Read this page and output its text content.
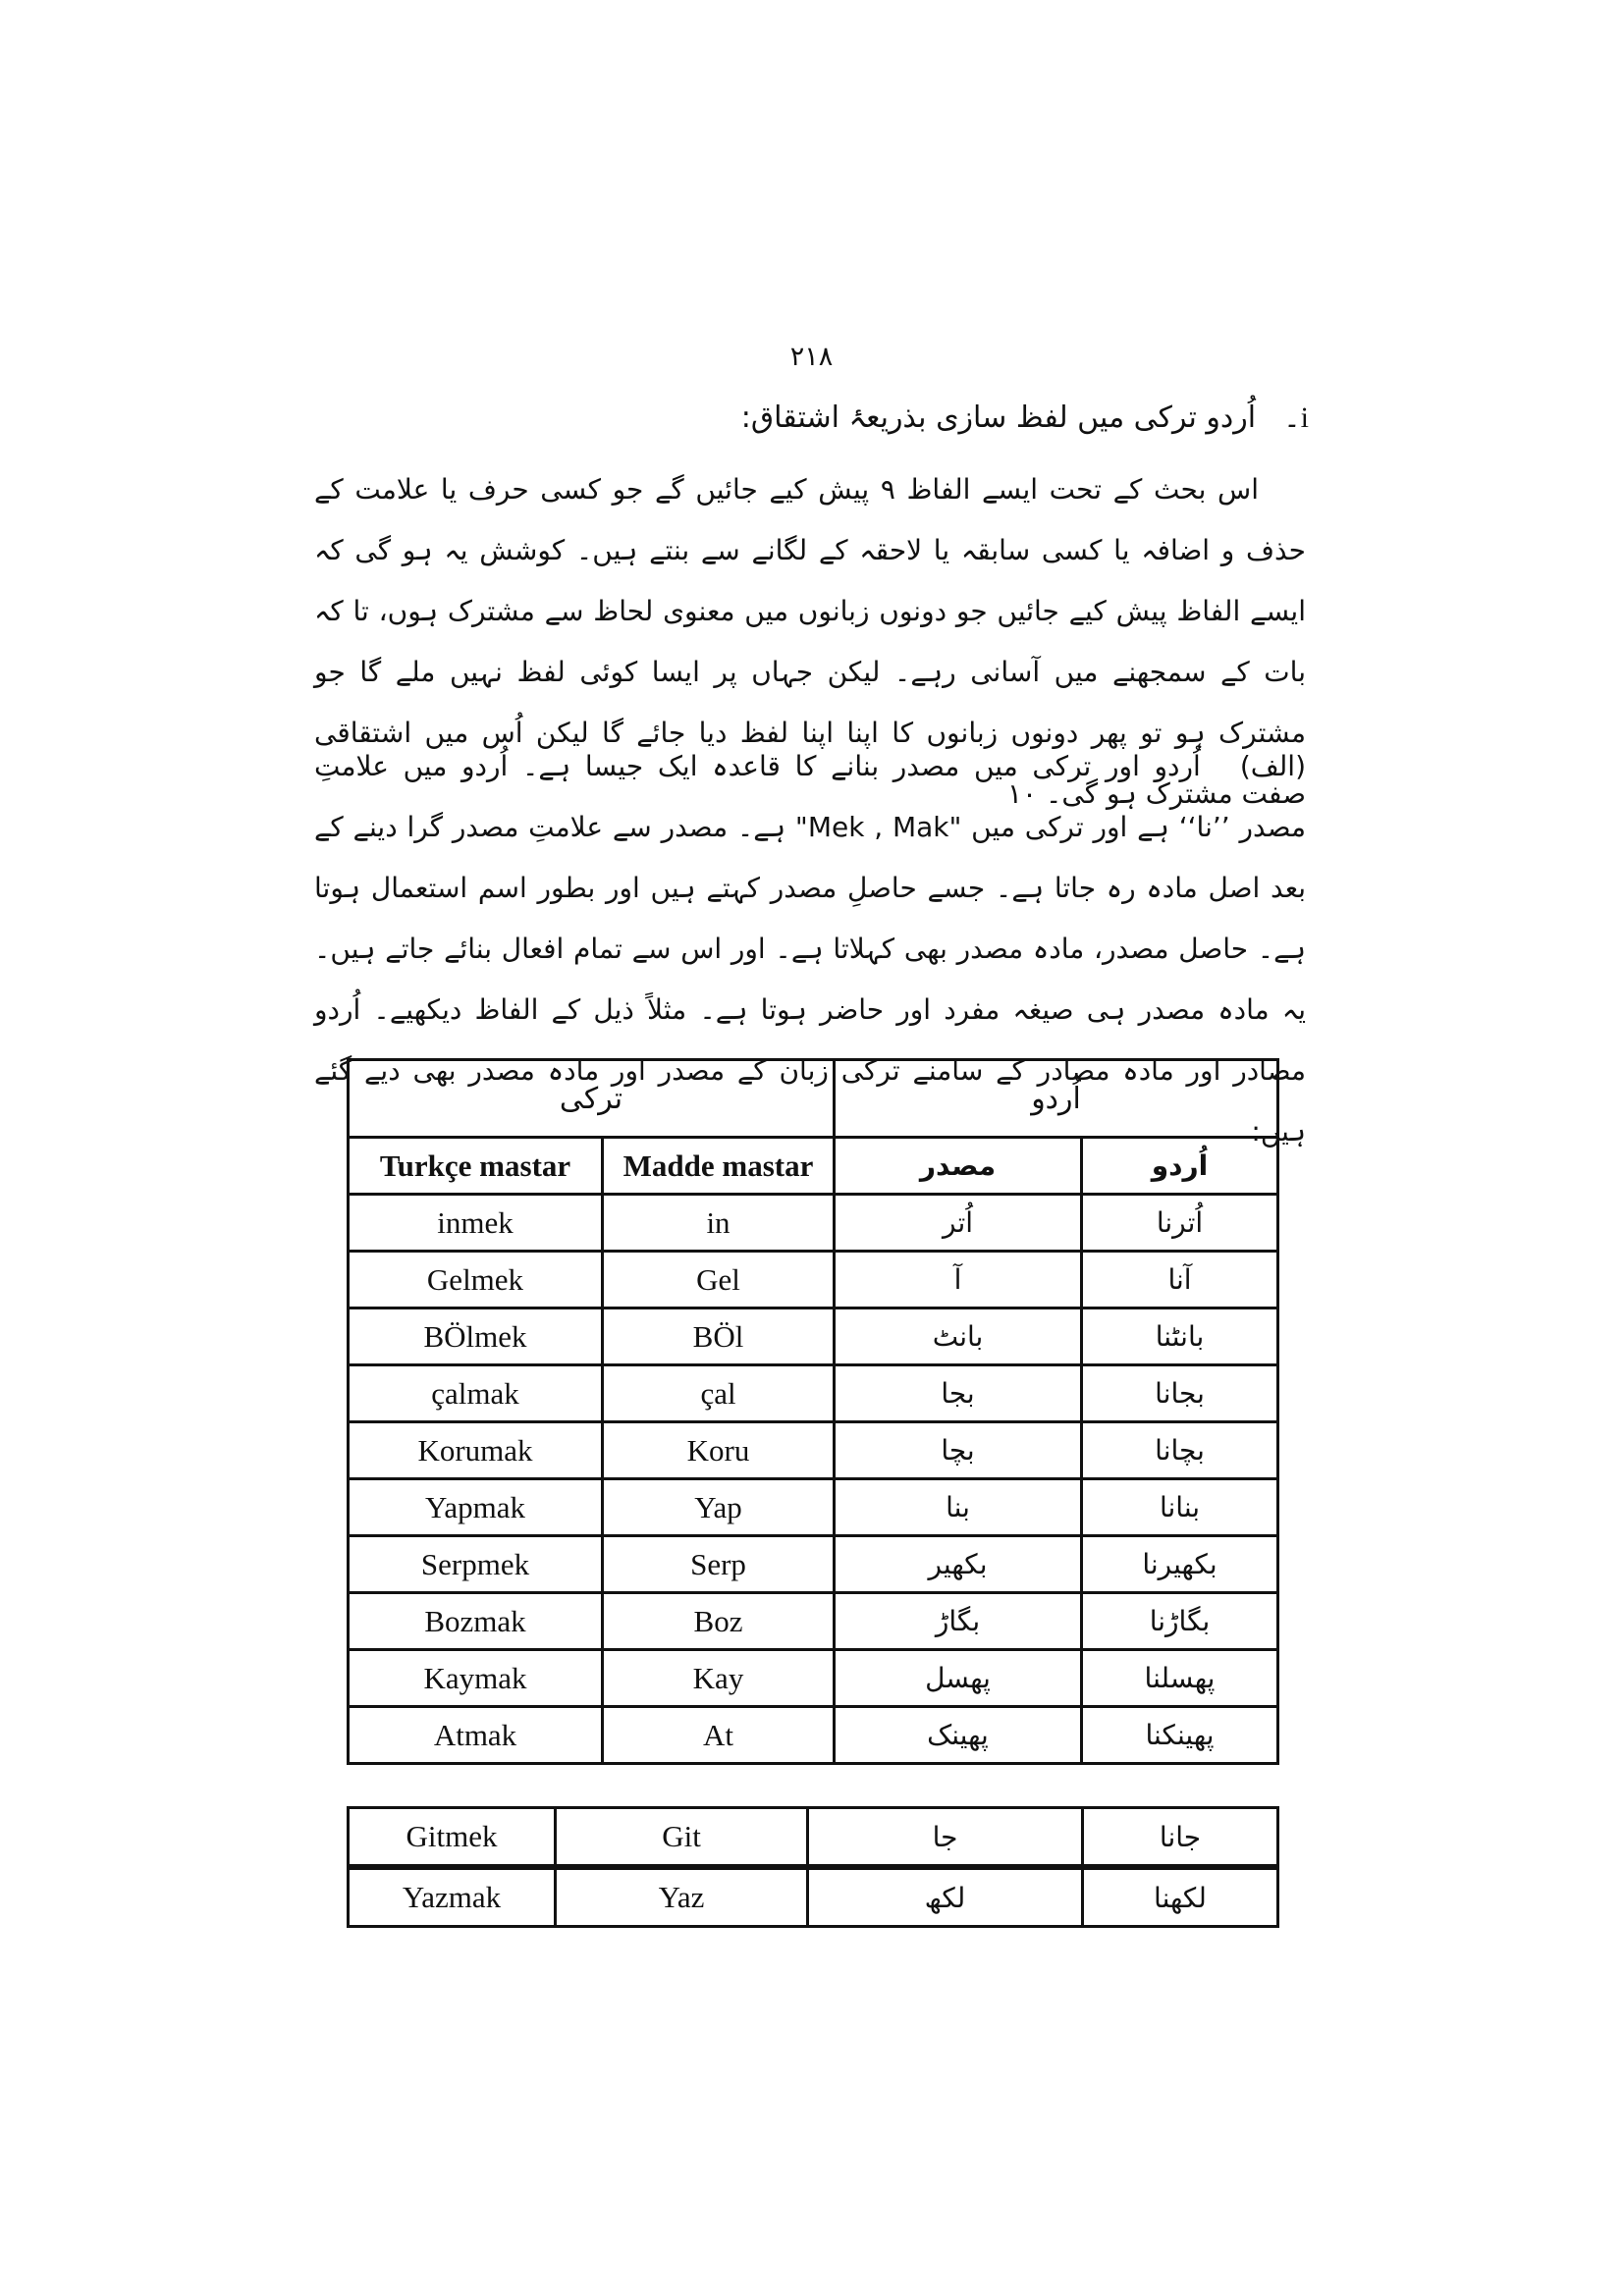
۲۱۸
i۔اُردو ترکی میں لفظ سازی بذریعۂ اشتقاق:
اس بحث کے تحت ایسے الفاظ ۹ پیش کیے جائیں گے جو کسی حرف یا علامت کے حذف و اضافہ یا کسی سابقہ یا لاحقہ کے لگانے سے بنتے ہیں۔ کوشش یہ ہو گی کہ ایسے الفاظ پیش کیے جائیں جو دونوں زبانوں میں معنوی لحاظ سے مشترک ہوں، تا کہ بات کے سمجھنے میں آسانی رہے۔ لیکن جہاں پر ایسا کوئی لفظ نہیں ملے گا جو مشترک ہو تو پھر دونوں زبانوں کا اپنا اپنا لفظ دیا جائے گا لیکن اُس میں اشتقاقی صفت مشترک ہو گی۔ ۱۰
(الف)اُردو اور ترکی میں مصدر بنانے کا قاعدہ ایک جیسا ہے۔ اُردو میں علامتِ مصدر ’’نا‘‘ ہے اور ترکی میں "Mek , Mak" ہے۔ مصدر سے علامتِ مصدر گرا دینے کے بعد اصل مادہ رہ جاتا ہے۔ جسے حاصلِ مصدر کہتے ہیں اور بطور اسم استعمال ہوتا ہے۔ حاصل مصدر، مادہ مصدر بھی کہلاتا ہے۔ اور اس سے تمام افعال بنائے جاتے ہیں۔ یہ مادہ مصدر ہی صیغہ مفرد اور حاضر ہوتا ہے۔ مثلاً ذیل کے الفاظ دیکھیے۔ اُردو مصادر اور مادہ مصادر کے سامنے ترکی زبان کے مصدر اور مادہ مصدر بھی دیے گئے ہیں:
ترکی		اُردو	
Turkçe mastar	Madde mastar	مصدر	اُردو
inmek	in	اُتر	اُترنا
Gelmek	Gel	آ	آنا
BÖlmek	BÖl	بانٹ	بانٹنا
çalmak	çal	بجا	بجانا
Korumak	Koru	بچا	بچانا
Yapmak	Yap	بنا	بنانا
Serpmek	Serp	بکھیر	بکھیرنا
Bozmak	Boz	بگاڑ	بگاڑنا
Kaymak	Kay	پھسل	پھسلنا
Atmak	At	پھینک	پھینکنا
Gitmek	Git	جا	جانا
Yazmak	Yaz	لکھ	لکھنا
